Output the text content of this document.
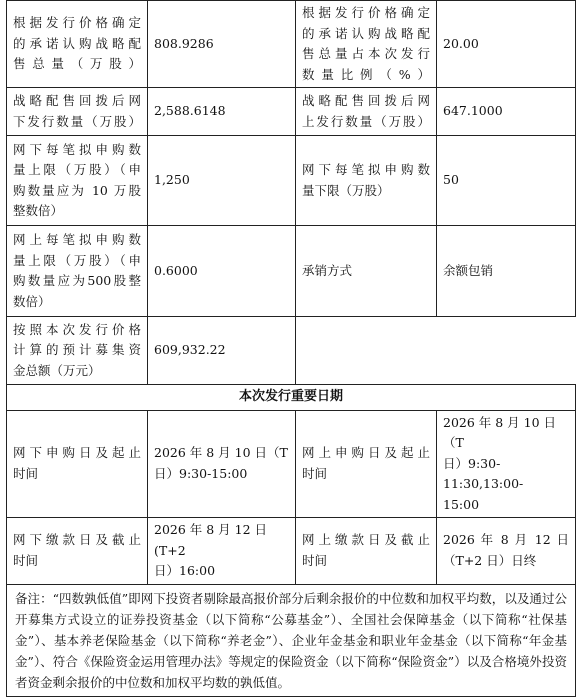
根据发行价格确定
的承诺认购战略配
售总量（万股）	808.9286	根据发行价格确定
的承诺认购战略配
售总量占本次发行
数量比例（%）	20.00

战略配售回拨后网
下发行数量（万股）	2,588.6148	战略配售回拨后网
上发行数量（万股）	647.1000

网下每笔拟申购数
量上限（万股）（申
购数量应为 10 万股
整数倍）	1,250	网下每笔拟申购数
量下限（万股）	50

网上每笔拟申购数
量上限（万股）（申
购数量应为500股整
数倍）	0.6000	承销方式	余额包销

按照本次发行价格
计算的预计募集资
金总额（万元）	609,932.22		
本次发行重要日期			

网下申购日及起止
时间	2026 年 8 月 10 日（T
日）9:30-15:00	网上申购日及起止
时间	2026 年 8 月 10 日（T
日）9:30-11:30,13:00-
15:00

网下缴款日及截止
时间	2026 年 8 月 12 日(T+2
日）16:00	网上缴款日及截止
时间	2026 年 8 月 12 日
（T+2 日）日终

备注：“四数孰低值”即网下投资者剔除最高报价部分后剩余报价的中位数和加权平均数，以及通过公开募集方式设立的证券投资基金（以下简称“公募基金”）、全国社会保障基金（以下简称“社保基金”）、基本养老保险基金（以下简称“养老金”）、企业年金基金和职业年金基金（以下简称“年金基金”）、符合《保险资金运用管理办法》等规定的保险资金（以下简称“保险资金”）以及合格境外投资者资金剩余报价的中位数和加权平均数的孰低值。			
